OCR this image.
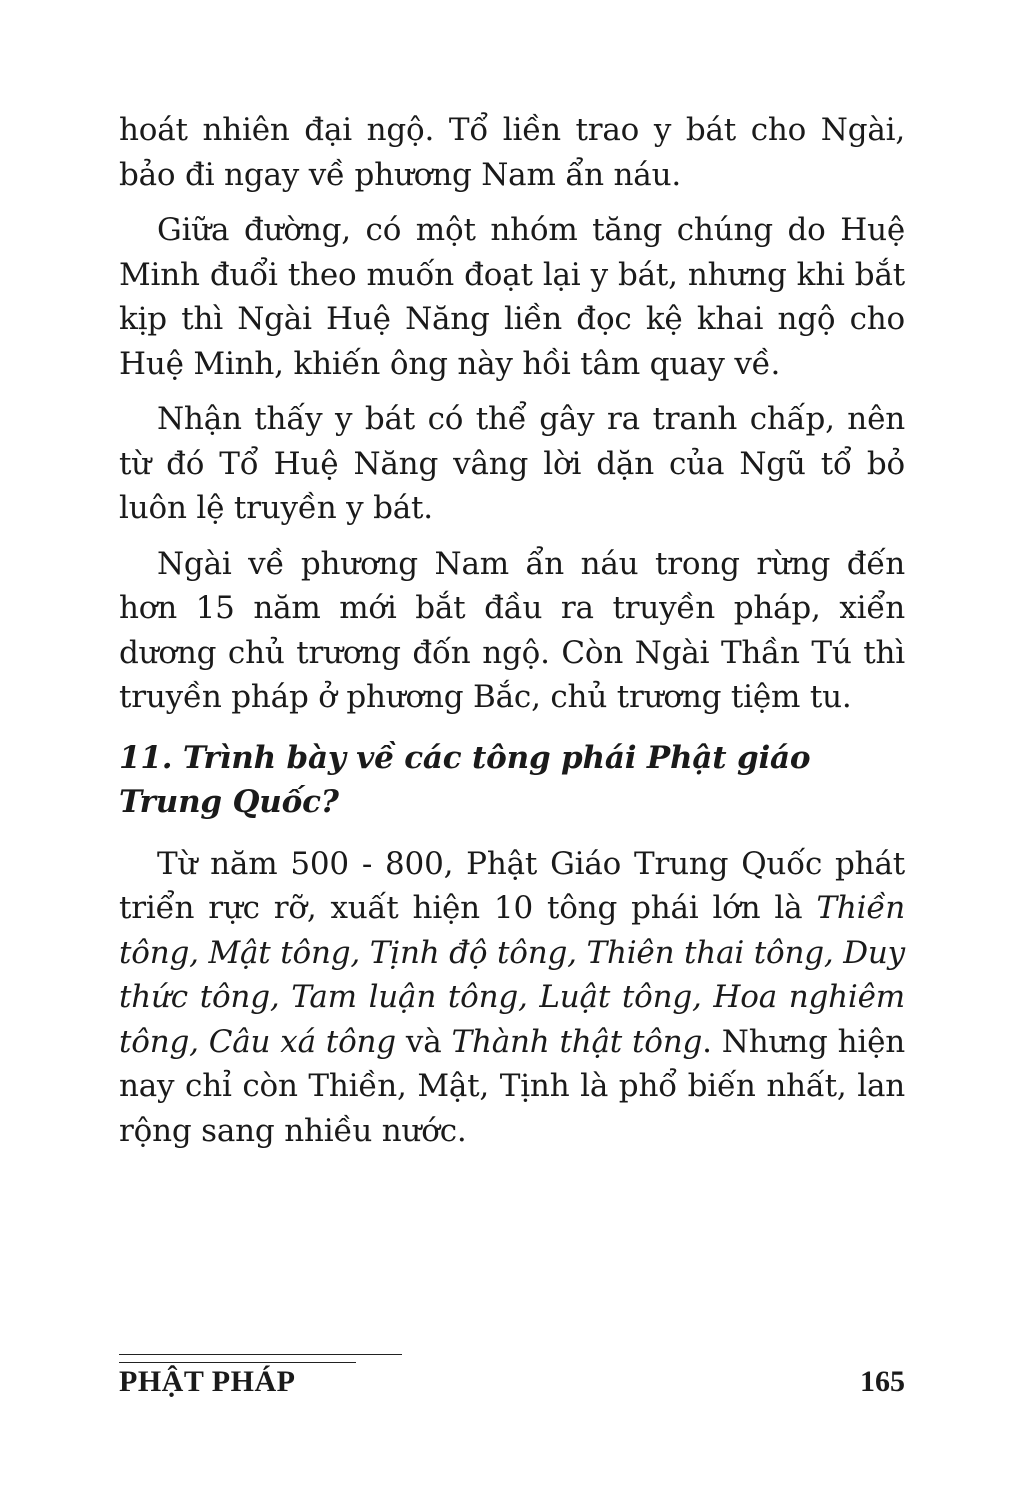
hoát nhiên đại ngộ. Tổ liền trao y bát cho Ngài, bảo đi ngay về phương Nam ẩn náu.

Giữa đường, có một nhóm tăng chúng do Huệ Minh đuổi theo muốn đoạt lại y bát, nhưng khi bắt kịp thì Ngài Huệ Năng liền đọc kệ khai ngộ cho Huệ Minh, khiến ông này hồi tâm quay về.

Nhận thấy y bát có thể gây ra tranh chấp, nên từ đó Tổ Huệ Năng vâng lời dặn của Ngũ tổ bỏ luôn lệ truyền y bát.

Ngài về phương Nam ẩn náu trong rừng đến hơn 15 năm mới bắt đầu ra truyền pháp, xiển dương chủ trương đốn ngộ. Còn Ngài Thần Tú thì truyền pháp ở phương Bắc, chủ trương tiệm tu.

11. Trình bày về các tông phái Phật giáo
Trung Quốc?

Từ năm 500 - 800, Phật Giáo Trung Quốc phát triển rực rỡ, xuất hiện 10 tông phái lớn là Thiền tông, Mật tông, Tịnh độ tông, Thiên thai tông, Duy thức tông, Tam luận tông, Luật tông, Hoa nghiêm tông, Câu xá tông và Thành thật tông. Nhưng hiện nay chỉ còn Thiền, Mật, Tịnh là phổ biến nhất, lan rộng sang nhiều nước.

PHẬT PHÁP	165
